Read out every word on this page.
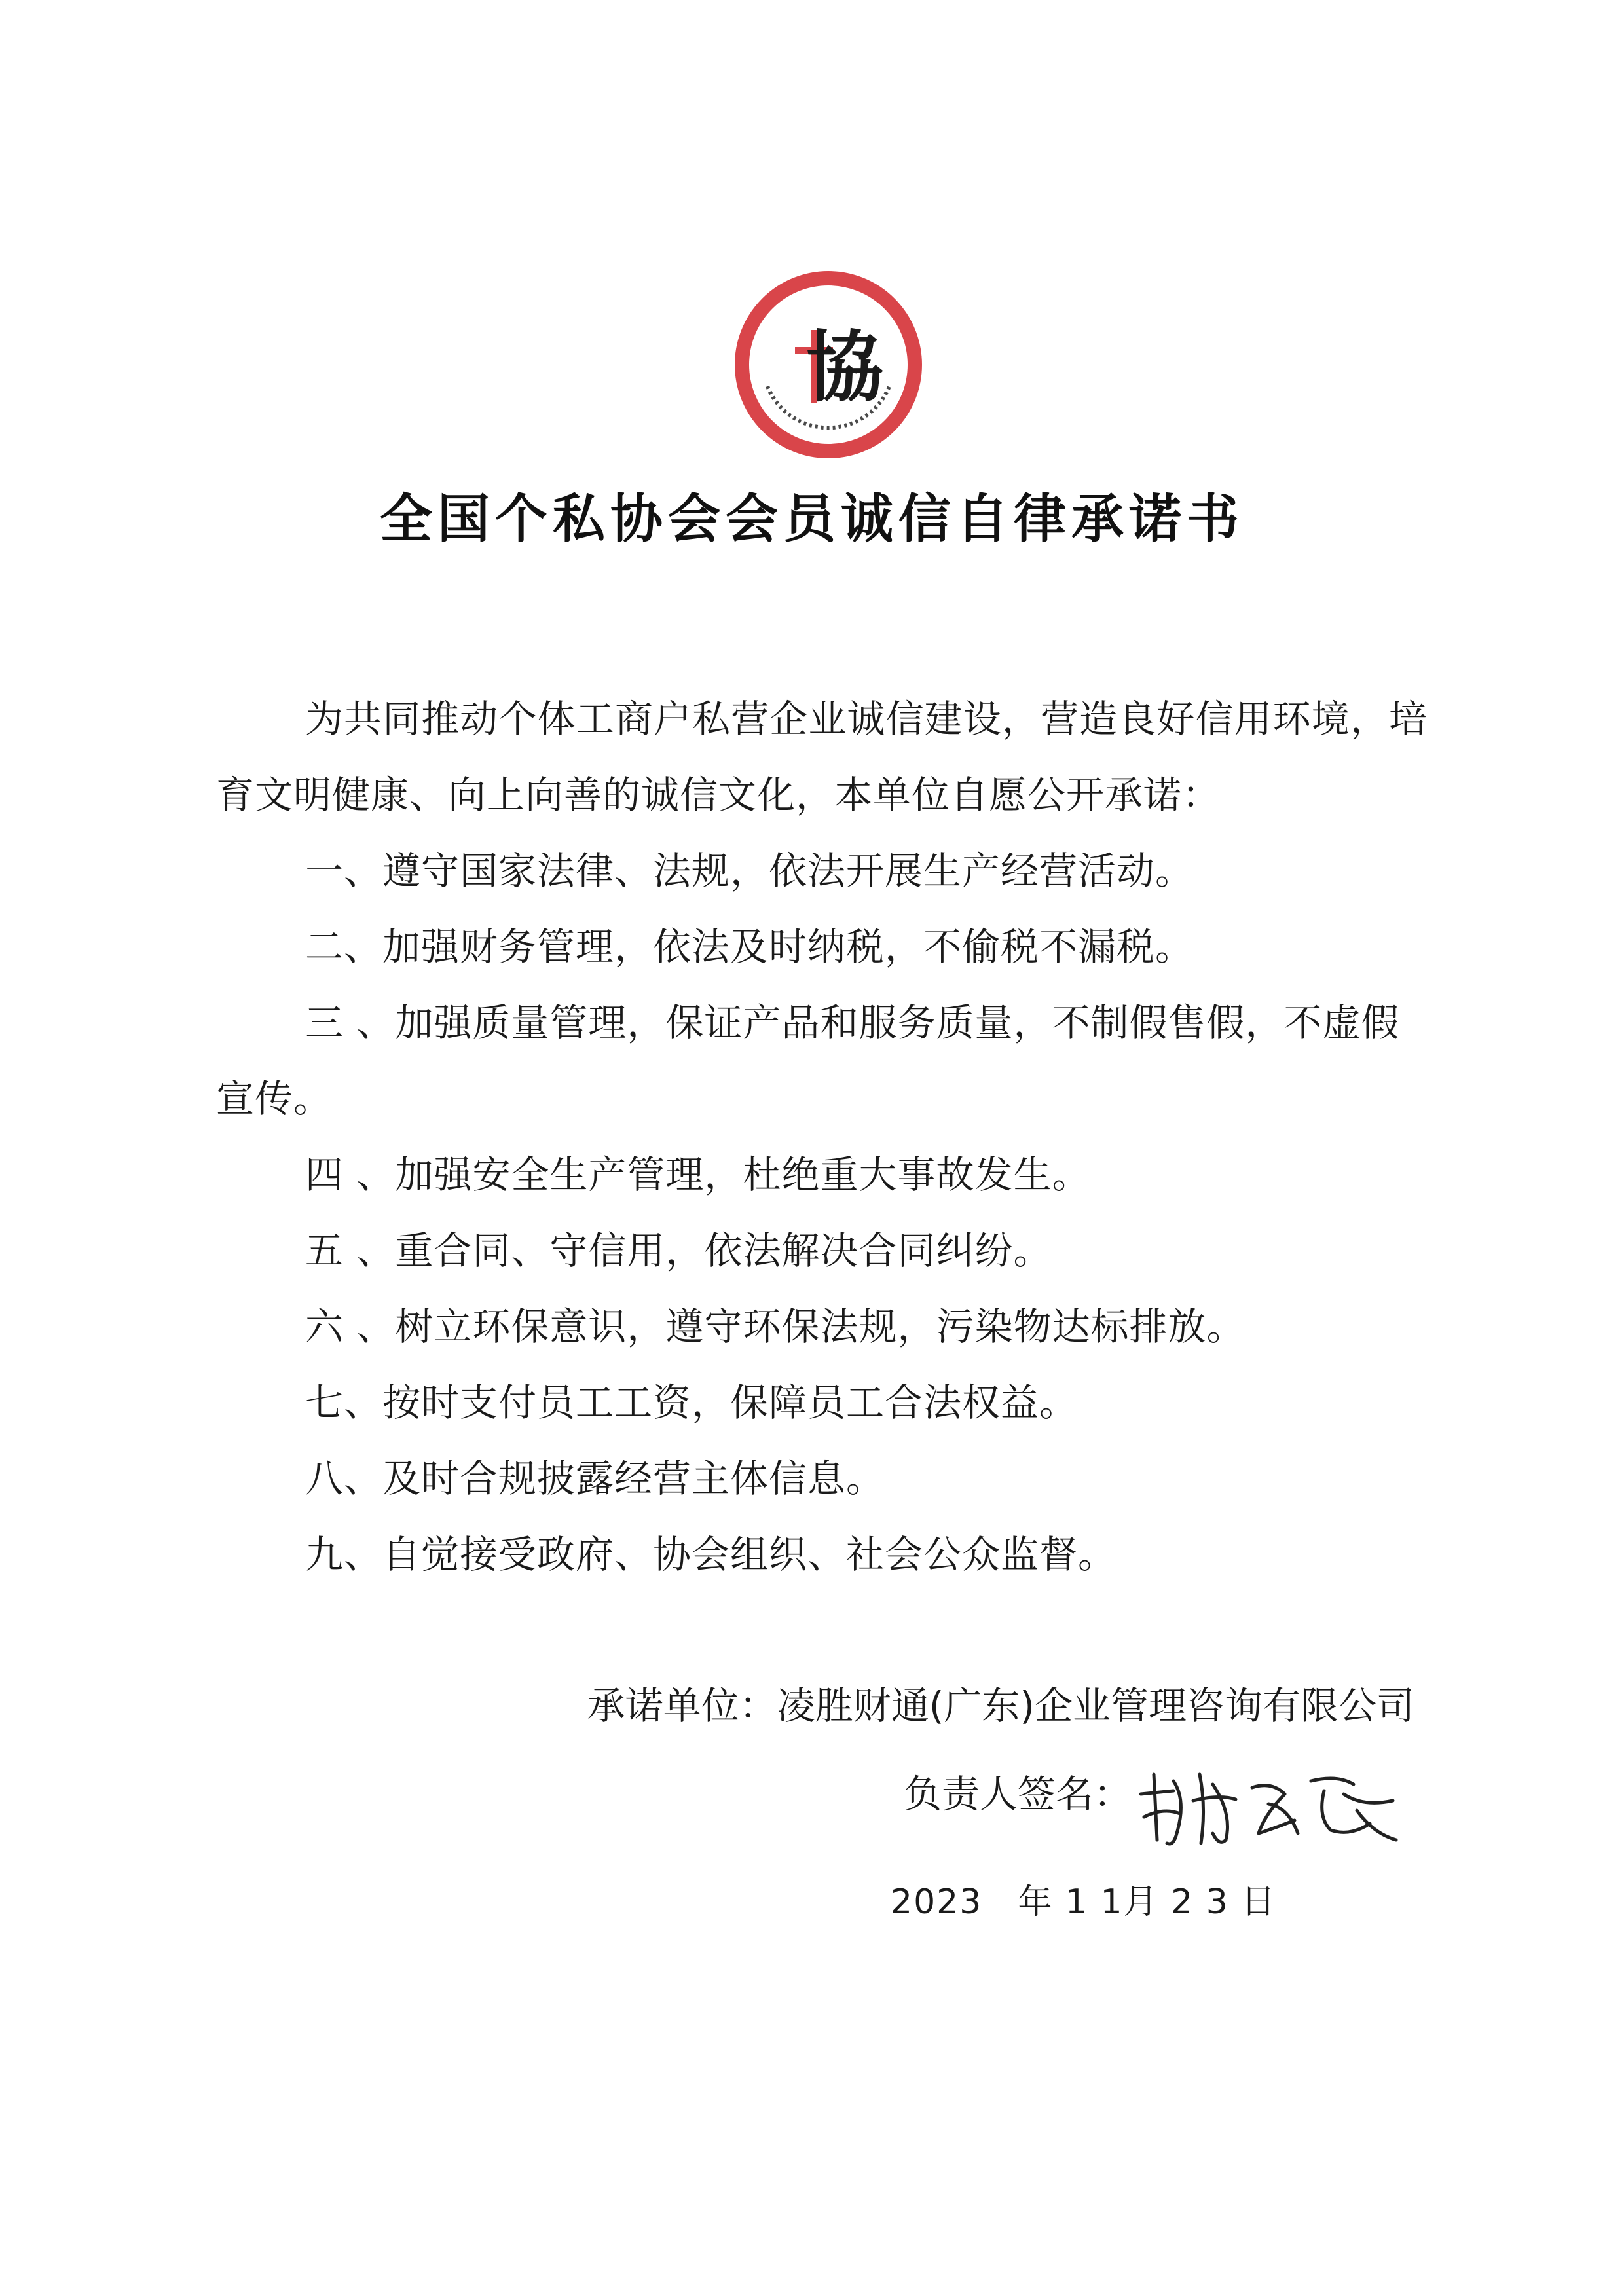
協
全国个私协会会员诚信自律承诺书

为共同推动个体工商户私营企业诚信建设，营造良好信用环境，培育文明健康、向上向善的诚信文化，本单位自愿公开承诺：

一、遵守国家法律、法规，依法开展生产经营活动。

二、加强财务管理，依法及时纳税，不偷税不漏税。

三 、加强质量管理，保证产品和服务质量，不制假售假，不虚假宣传。

四 、加强安全生产管理，杜绝重大事故发生。

五 、重合同、守信用，依法解决合同纠纷。

六 、树立环保意识，遵守环保法规，污染物达标排放。

七、按时支付员工工资，保障员工合法权益。

八、及时合规披露经营主体信息。

九、自觉接受政府、协会组织、社会公众监督。

承诺单位：凌胜财通(广东)企业管理咨询有限公司
负责人签名：
2023　年 1 1月 2 3 日
